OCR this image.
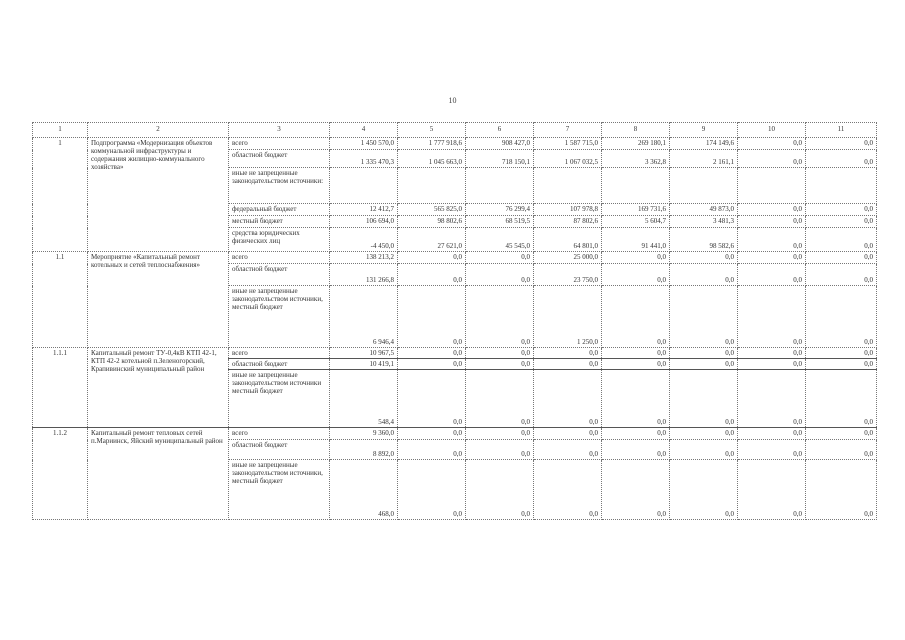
10
1	2	3	4	5	6	7	8	9	10	11
1	Подпрограмма «Модернизация объектов коммунальной инфраструктуры и содержания жилищно-коммунального хозяйства»	всего	1 450 570,0	1 777 918,6	908 427,0	1 587 715,0	269 180,1	174 149,6	0,0	0,0
		областной бюджет	1 335 470,3	1 045 663,0	718 150,1	1 067 032,5	3 362,8	2 161,1	0,0	0,0
		иные не запрещенные законодательством источники:								
		федеральный бюджет	12 412,7	565 825,0	76 299,4	107 978,8	169 731,6	49 873,0	0,0	0,0
		местный бюджет	106 694,0	98 802,6	68 519,5	87 802,6	5 604,7	3 481,3	0,0	0,0
		средства юридических физических лиц	-4 450,0	27 621,0	45 545,0	64 801,0	91 441,0	98 582,6	0,0	0,0
1.1	Мероприятие «Капитальный ремонт котельных и сетей теплоснабжения»	всего	138 213,2	0,0	0,0	25 000,0	0,0	0,0	0,0	0,0
		областной бюджет	131 266,8	0,0	0,0	23 750,0	0,0	0,0	0,0	0,0
		иные не запрещенные законодательством источники, местный бюджет	6 946,4	0,0	0,0	1 250,0	0,0	0,0	0,0	0,0
1.1.1	Капитальный ремонт ТУ-0,4кВ КТП 42-1, КТП 42-2 котельной п.Зеленогорский, Крапивинский муниципальный район	всего	10 967,5	0,0	0,0	0,0	0,0	0,0	0,0	0,0
		областной бюджет	10 419,1	0,0	0,0	0,0	0,0	0,0	0,0	0,0
		иные не запрещенные законодательством источники местный бюджет	548,4	0,0	0,0	0,0	0,0	0,0	0,0	0,0
1.1.2	Капитальный ремонт тепловых сетей п.Мариинск, Яйский муниципальный район	всего	9 360,0	0,0	0,0	0,0	0,0	0,0	0,0	0,0
		областной бюджет	8 892,0	0,0	0,0	0,0	0,0	0,0	0,0	0,0
		иные не запрещенные законодательством источники, местный бюджет	468,0	0,0	0,0	0,0	0,0	0,0	0,0	0,0
